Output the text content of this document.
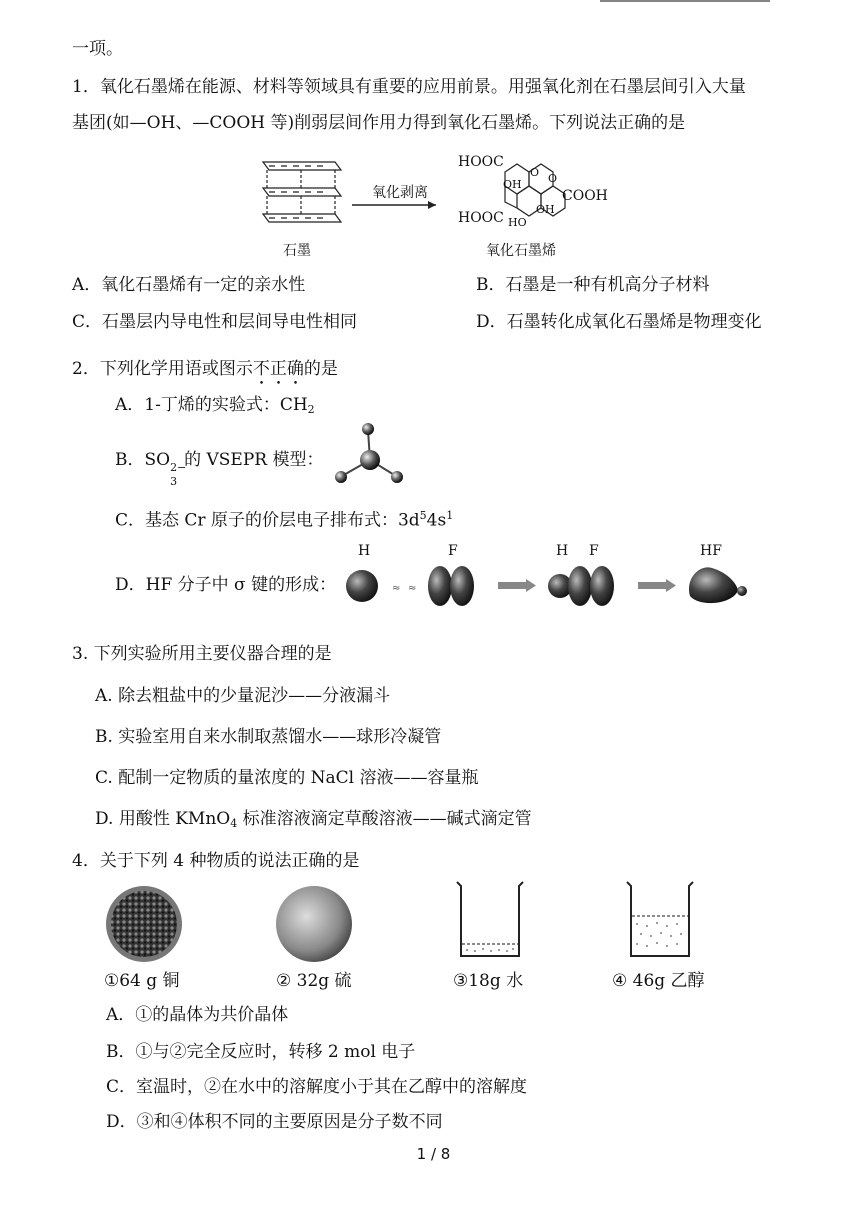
一项。
1．氧化石墨烯在能源、材料等领域具有重要的应用前景。用强氧化剂在石墨层间引入大量
基团(如—OH、—COOH 等)削弱层间作用力得到氧化石墨烯。下列说法正确的是
石墨
氧化剥离
HOOC
HOOC
COOH
OH
OH
HO
O O
氧化石墨烯
A．氧化石墨烯有一定的亲水性	B．石墨是一种有机高分子材料
C．石墨层内导电性和层间导电性相同	D．石墨转化成氧化石墨烯是物理变化
2．下列化学用语或图示不正确的是
A．1-丁烯的实验式：$CH_2$
B．SO 2−
3
的 VSEPR 模型：
C．基态 Cr 原子的价层电子排布式：$3d^54s^1$
D．HF 分子中 σ 键的形成：
H	F	H F	HF
≈ ≈
3. 下列实验所用主要仪器合理的是
A. 除去粗盐中的少量泥沙——分液漏斗
B. 实验室用自来水制取蒸馏水——球形冷凝管
C. 配制一定物质的量浓度的 NaCl 溶液——容量瓶
D. 用酸性 KMnO$_4$ 标准溶液滴定草酸溶液——碱式滴定管
4．关于下列 4 种物质的说法正确的是
①64 g 铜	② 32g 硫	③18g 水	④ 46g 乙醇
A．①的晶体为共价晶体
B．①与②完全反应时，转移 2 mol 电子
C．室温时，②在水中的溶解度小于其在乙醇中的溶解度
D．③和④体积不同的主要原因是分子数不同
1 / 8
